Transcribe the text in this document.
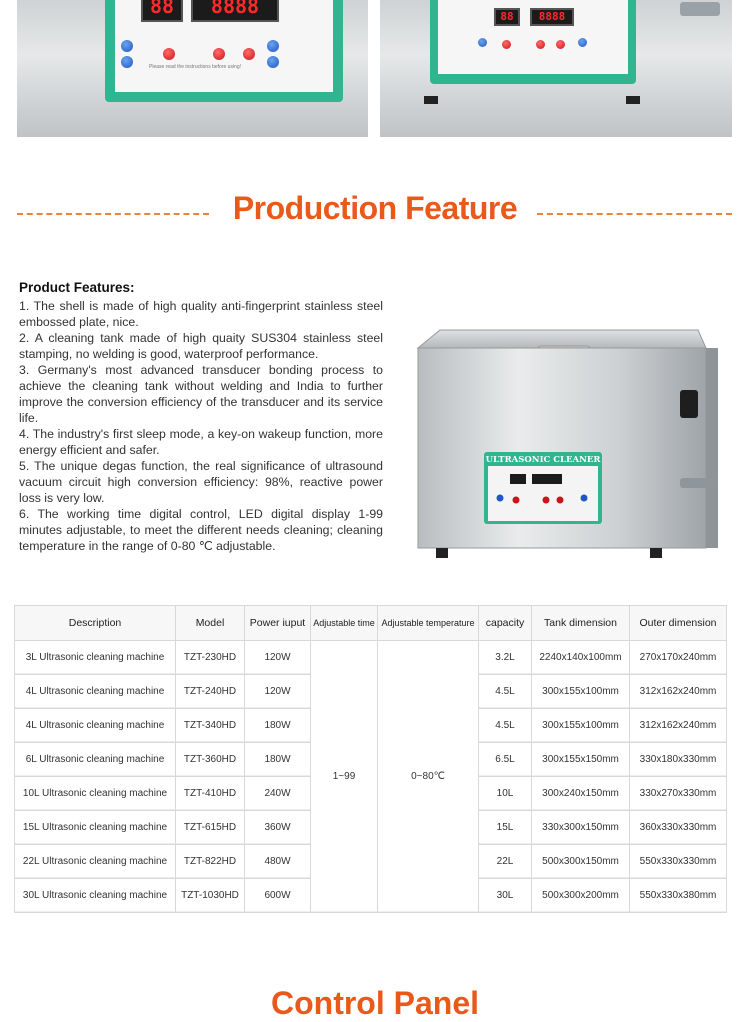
88	8888
Please read the instructions before using!
88	8888
Production Feature
Product Features:

1. The shell is made of high quality anti-fingerprint stainless steel embossed plate, nice.

2. A cleaning tank made of high quaity SUS304 stainless steel stamping, no welding is good, waterproof performance.

3. Germany's most advanced transducer bonding process to achieve the cleaning tank without welding and India to further improve the conversion efficiency of the transducer and its service life.

4. The industry's first sleep mode, a key-on wakeup function, more energy efficient and safer.

5. The unique degas function, the real significance of ultrasound vacuum circuit high conversion efficiency: 98%, reactive power loss is very low.

6. The working time digital control, LED digital display 1-99 minutes adjustable, to meet the different needs cleaning; cleaning temperature in the range of 0-80 ℃ adjustable.

ULTRASONIC CLEANER
Description	Model	Power iuput	Adjustable time	Adjustable temperature	capacity	Tank dimension	Outer dimension
3L Ultrasonic cleaning machine	TZT-230HD	120W	1~99	0~80℃	3.2L	2240x140x100mm	270x170x240mm
4L Ultrasonic cleaning machine	TZT-240HD	120W			4.5L	300x155x100mm	312x162x240mm
4L Ultrasonic cleaning machine	TZT-340HD	180W			4.5L	300x155x100mm	312x162x240mm
6L Ultrasonic cleaning machine	TZT-360HD	180W			6.5L	300x155x150mm	330x180x330mm
10L Ultrasonic cleaning machine	TZT-410HD	240W			10L	300x240x150mm	330x270x330mm
15L Ultrasonic cleaning machine	TZT-615HD	360W			15L	330x300x150mm	360x330x330mm
22L Ultrasonic cleaning machine	TZT-822HD	480W			22L	500x300x150mm	550x330x330mm
30L Ultrasonic cleaning machine	TZT-1030HD	600W			30L	500x300x200mm	550x330x380mm
Control Panel
